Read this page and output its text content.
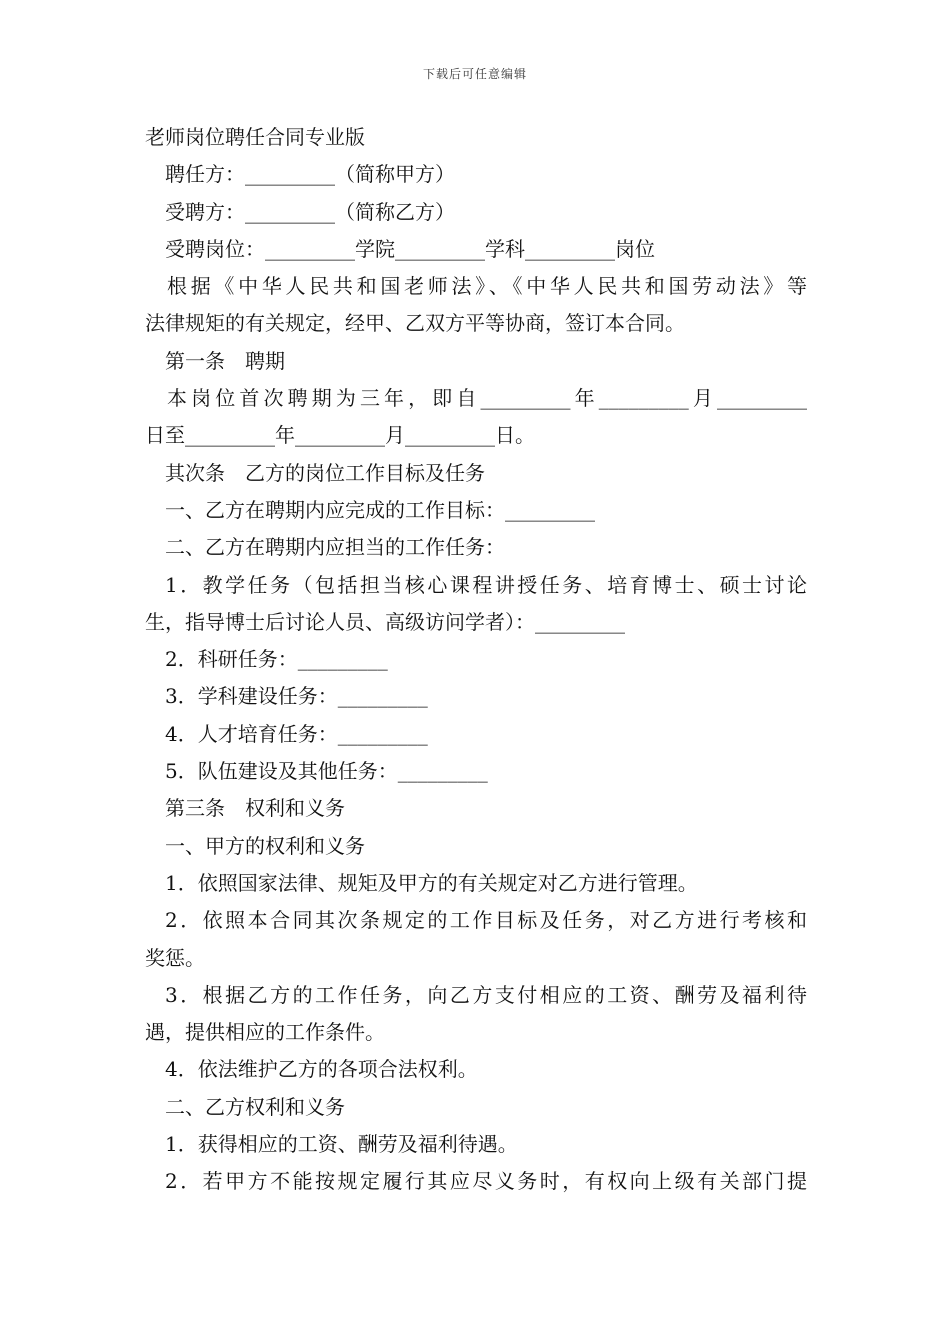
下载后可任意编辑
老师岗位聘任合同专业版
聘任方：_________（简称甲方）
受聘方：_________（简称乙方）
受聘岗位：_________学院_________学科_________岗位
根据《中华人民共和国老师法》、《中华人民共和国劳动法》等
法律规矩的有关规定，经甲、乙双方平等协商，签订本合同。
第一条　聘期
本岗位首次聘期为三年，即自_________年_________月_________
日至_________年_________月_________日。
其次条　乙方的岗位工作目标及任务
一、乙方在聘期内应完成的工作目标：_________
二、乙方在聘期内应担当的工作任务：
1．教学任务（包括担当核心课程讲授任务、培育博士、硕士讨论
生，指导博士后讨论人员、高级访问学者）：_________
2．科研任务：_________
3．学科建设任务：_________
4．人才培育任务：_________
5．队伍建设及其他任务：_________
第三条　权利和义务
一、甲方的权利和义务
1．依照国家法律、规矩及甲方的有关规定对乙方进行管理。
2．依照本合同其次条规定的工作目标及任务，对乙方进行考核和
奖惩。
3．根据乙方的工作任务，向乙方支付相应的工资、酬劳及福利待
遇，提供相应的工作条件。
4．依法维护乙方的各项合法权利。
二、乙方权利和义务
1．获得相应的工资、酬劳及福利待遇。
2．若甲方不能按规定履行其应尽义务时，有权向上级有关部门提
